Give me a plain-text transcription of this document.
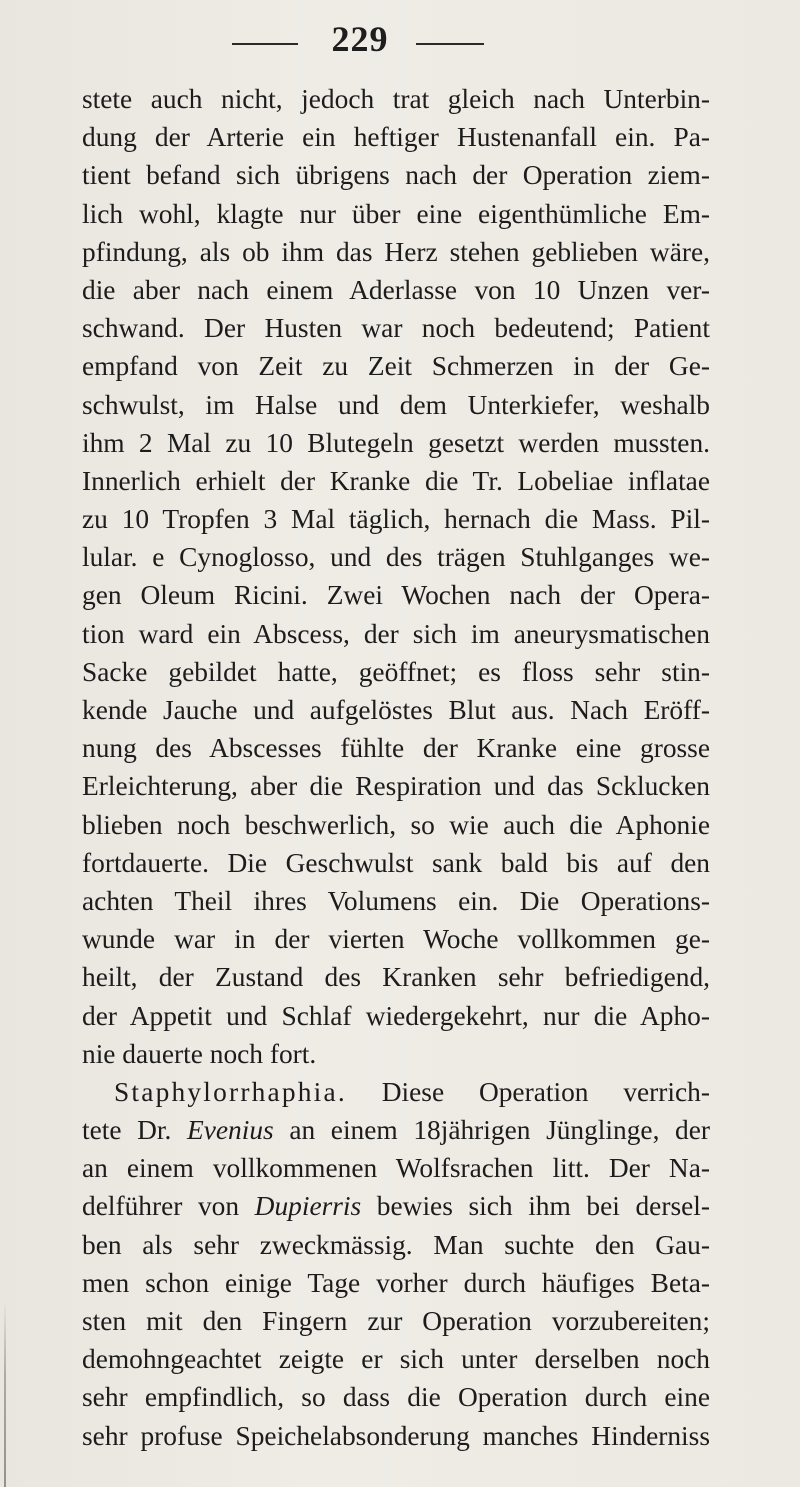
229
stete auch nicht, jedoch trat gleich nach Unterbin-
dung der Arterie ein heftiger Hustenanfall ein. Pa-
tient befand sich übrigens nach der Operation ziem-
lich wohl, klagte nur über eine eigenthümliche Em-
pfindung, als ob ihm das Herz stehen geblieben wäre,
die aber nach einem Aderlasse von 10 Unzen ver-
schwand. Der Husten war noch bedeutend; Patient
empfand von Zeit zu Zeit Schmerzen in der Ge-
schwulst, im Halse und dem Unterkiefer, weshalb
ihm 2 Mal zu 10 Blutegeln gesetzt werden mussten.
Innerlich erhielt der Kranke die Tr. Lobeliae inflatae
zu 10 Tropfen 3 Mal täglich, hernach die Mass. Pil-
lular. e Cynoglosso, und des trägen Stuhlganges we-
gen Oleum Ricini. Zwei Wochen nach der Opera-
tion ward ein Abscess, der sich im aneurysmatischen
Sacke gebildet hatte, geöffnet; es floss sehr stin-
kende Jauche und aufgelöstes Blut aus. Nach Eröff-
nung des Abscesses fühlte der Kranke eine grosse
Erleichterung, aber die Respiration und das Scklucken
blieben noch beschwerlich, so wie auch die Aphonie
fortdauerte. Die Geschwulst sank bald bis auf den
achten Theil ihres Volumens ein. Die Operations-
wunde war in der vierten Woche vollkommen ge-
heilt, der Zustand des Kranken sehr befriedigend,
der Appetit und Schlaf wiedergekehrt, nur die Apho-
nie dauerte noch fort.
Staphylorrhaphia. Diese Operation verrich-
tete Dr. Evenius an einem 18jährigen Jünglinge, der
an einem vollkommenen Wolfsrachen litt. Der Na-
delführer von Dupierris bewies sich ihm bei dersel-
ben als sehr zweckmässig. Man suchte den Gau-
men schon einige Tage vorher durch häufiges Beta-
sten mit den Fingern zur Operation vorzubereiten;
demohngeachtet zeigte er sich unter derselben noch
sehr empfindlich, so dass die Operation durch eine
sehr profuse Speichelabsonderung manches Hinderniss
